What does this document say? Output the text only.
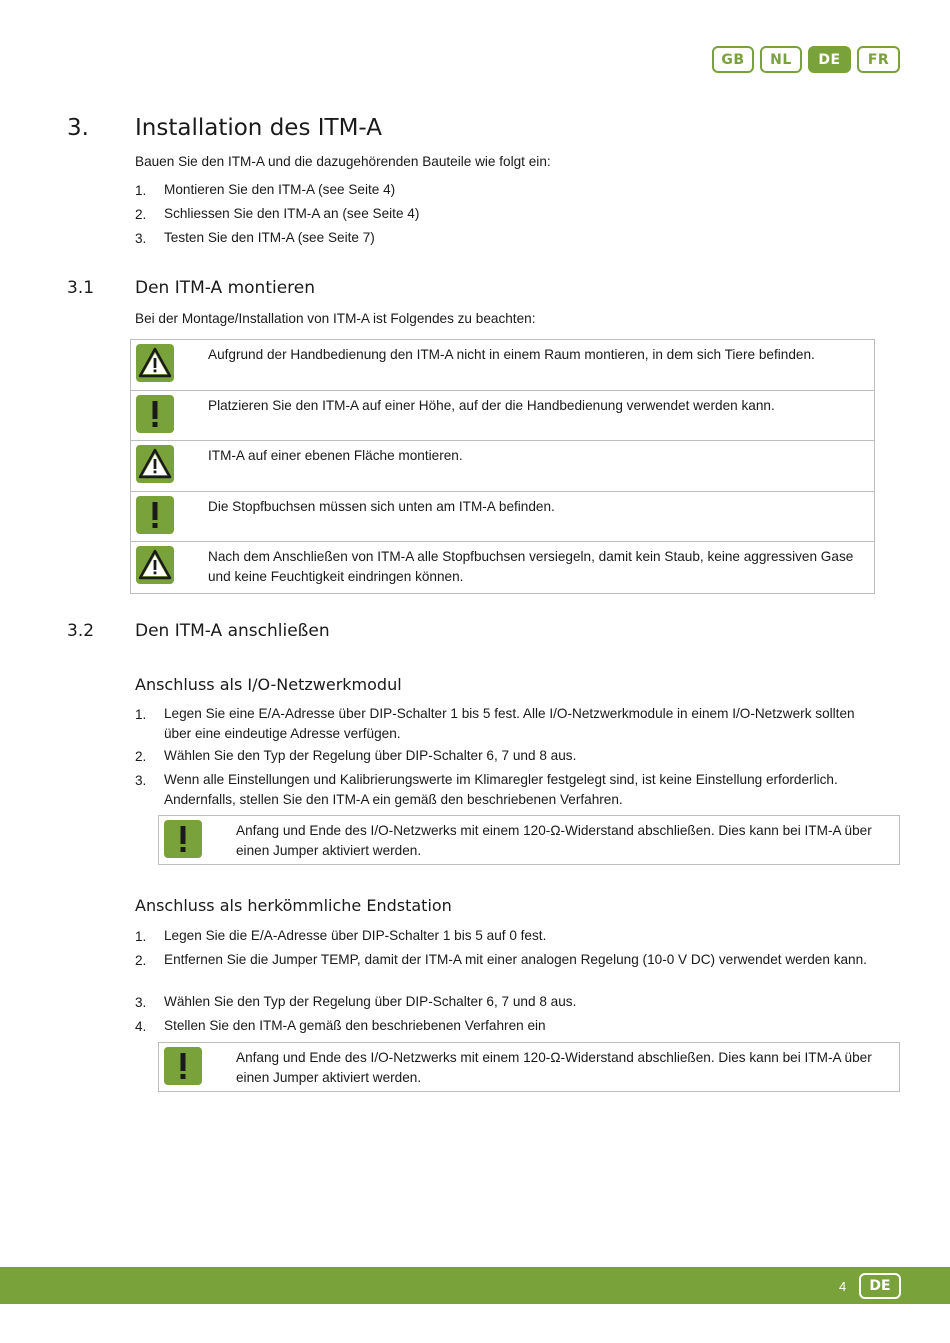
GB	NL	DE	FR
3. Installation des ITM-A
Bauen Sie den ITM-A und die dazugehörenden Bauteile wie folgt ein:
1. Montieren Sie den ITM-A (see Seite 4)
2. Schliessen Sie den ITM-A an (see Seite 4)
3. Testen Sie den ITM-A (see Seite 7)
3.1 Den ITM-A montieren
Bei der Montage/Installation von ITM-A ist Folgendes zu beachten:
Aufgrund der Handbedienung den ITM-A nicht in einem Raum montieren, in dem sich Tiere befinden.
Platzieren Sie den ITM-A auf einer Höhe, auf der die Handbedienung verwendet werden kann.
ITM-A auf einer ebenen Fläche montieren.
Die Stopfbuchsen müssen sich unten am ITM-A befinden.
Nach dem Anschließen von ITM-A alle Stopfbuchsen versiegeln, damit kein Staub, keine aggressiven Gase und keine Feuchtigkeit eindringen können.
3.2 Den ITM-A anschließen
Anschluss als I/O-Netzwerkmodul
1. Legen Sie eine E/A-Adresse über DIP-Schalter 1 bis 5 fest. Alle I/O-Netzwerkmodule in einem I/O-Netzwerk sollten über eine eindeutige Adresse verfügen.
2. Wählen Sie den Typ der Regelung über DIP-Schalter 6, 7 und 8 aus.
3. Wenn alle Einstellungen und Kalibrierungswerte im Klimaregler festgelegt sind, ist keine Einstellung erforderlich. Andernfalls, stellen Sie den ITM-A ein gemäß den beschriebenen Verfahren.
Anfang und Ende des I/O-Netzwerks mit einem 120-Ω-Widerstand abschließen. Dies kann bei ITM-A über einen Jumper aktiviert werden.
Anschluss als herkömmliche Endstation
1. Legen Sie die E/A-Adresse über DIP-Schalter 1 bis 5 auf 0 fest.
2. Entfernen Sie die Jumper TEMP, damit der ITM-A mit einer analogen Regelung (10-0 V DC) verwendet werden kann.
3. Wählen Sie den Typ der Regelung über DIP-Schalter 6, 7 und 8 aus.
4. Stellen Sie den ITM-A gemäß den beschriebenen Verfahren ein
Anfang und Ende des I/O-Netzwerks mit einem 120-Ω-Widerstand abschließen. Dies kann bei ITM-A über einen Jumper aktiviert werden.
4	DE
